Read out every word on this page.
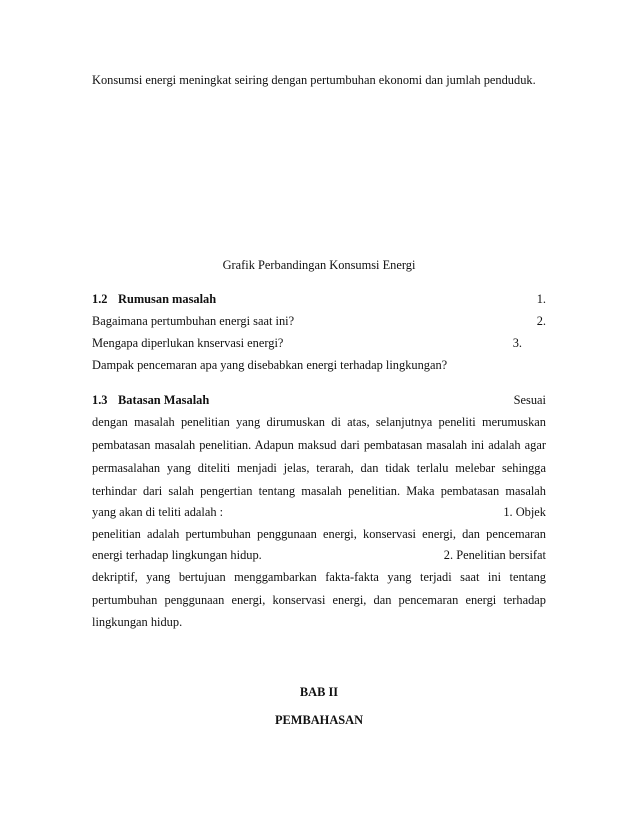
Konsumsi energi meningkat seiring dengan pertumbuhan ekonomi dan jumlah penduduk.
Grafik Perbandingan Konsumsi Energi
1.2 Rumusan masalah	1.
Bagaimana pertumbuhan energi saat ini?	2.
Mengapa diperlukan knservasi energi?	3.
Dampak pencemaran apa yang disebabkan energi terhadap lingkungan?
1.3 Batasan Masalah	Sesuai
dengan masalah penelitian yang dirumuskan di atas, selanjutnya peneliti merumuskan
pembatasan masalah penelitian. Adapun maksud dari pembatasan masalah ini adalah agar
permasalahan yang diteliti menjadi jelas, terarah, dan tidak terlalu melebar sehingga
terhindar dari salah pengertian tentang masalah penelitian. Maka pembatasan masalah
yang akan di teliti adalah :	1. Objek
penelitian adalah pertumbuhan penggunaan energi, konservasi energi, dan pencemaran
energi terhadap lingkungan hidup.	2. Penelitian bersifat
dekriptif, yang bertujuan menggambarkan fakta-fakta yang terjadi saat ini tentang
pertumbuhan penggunaan energi, konservasi energi, dan pencemaran energi terhadap
lingkungan hidup.
BAB II
PEMBAHASAN
